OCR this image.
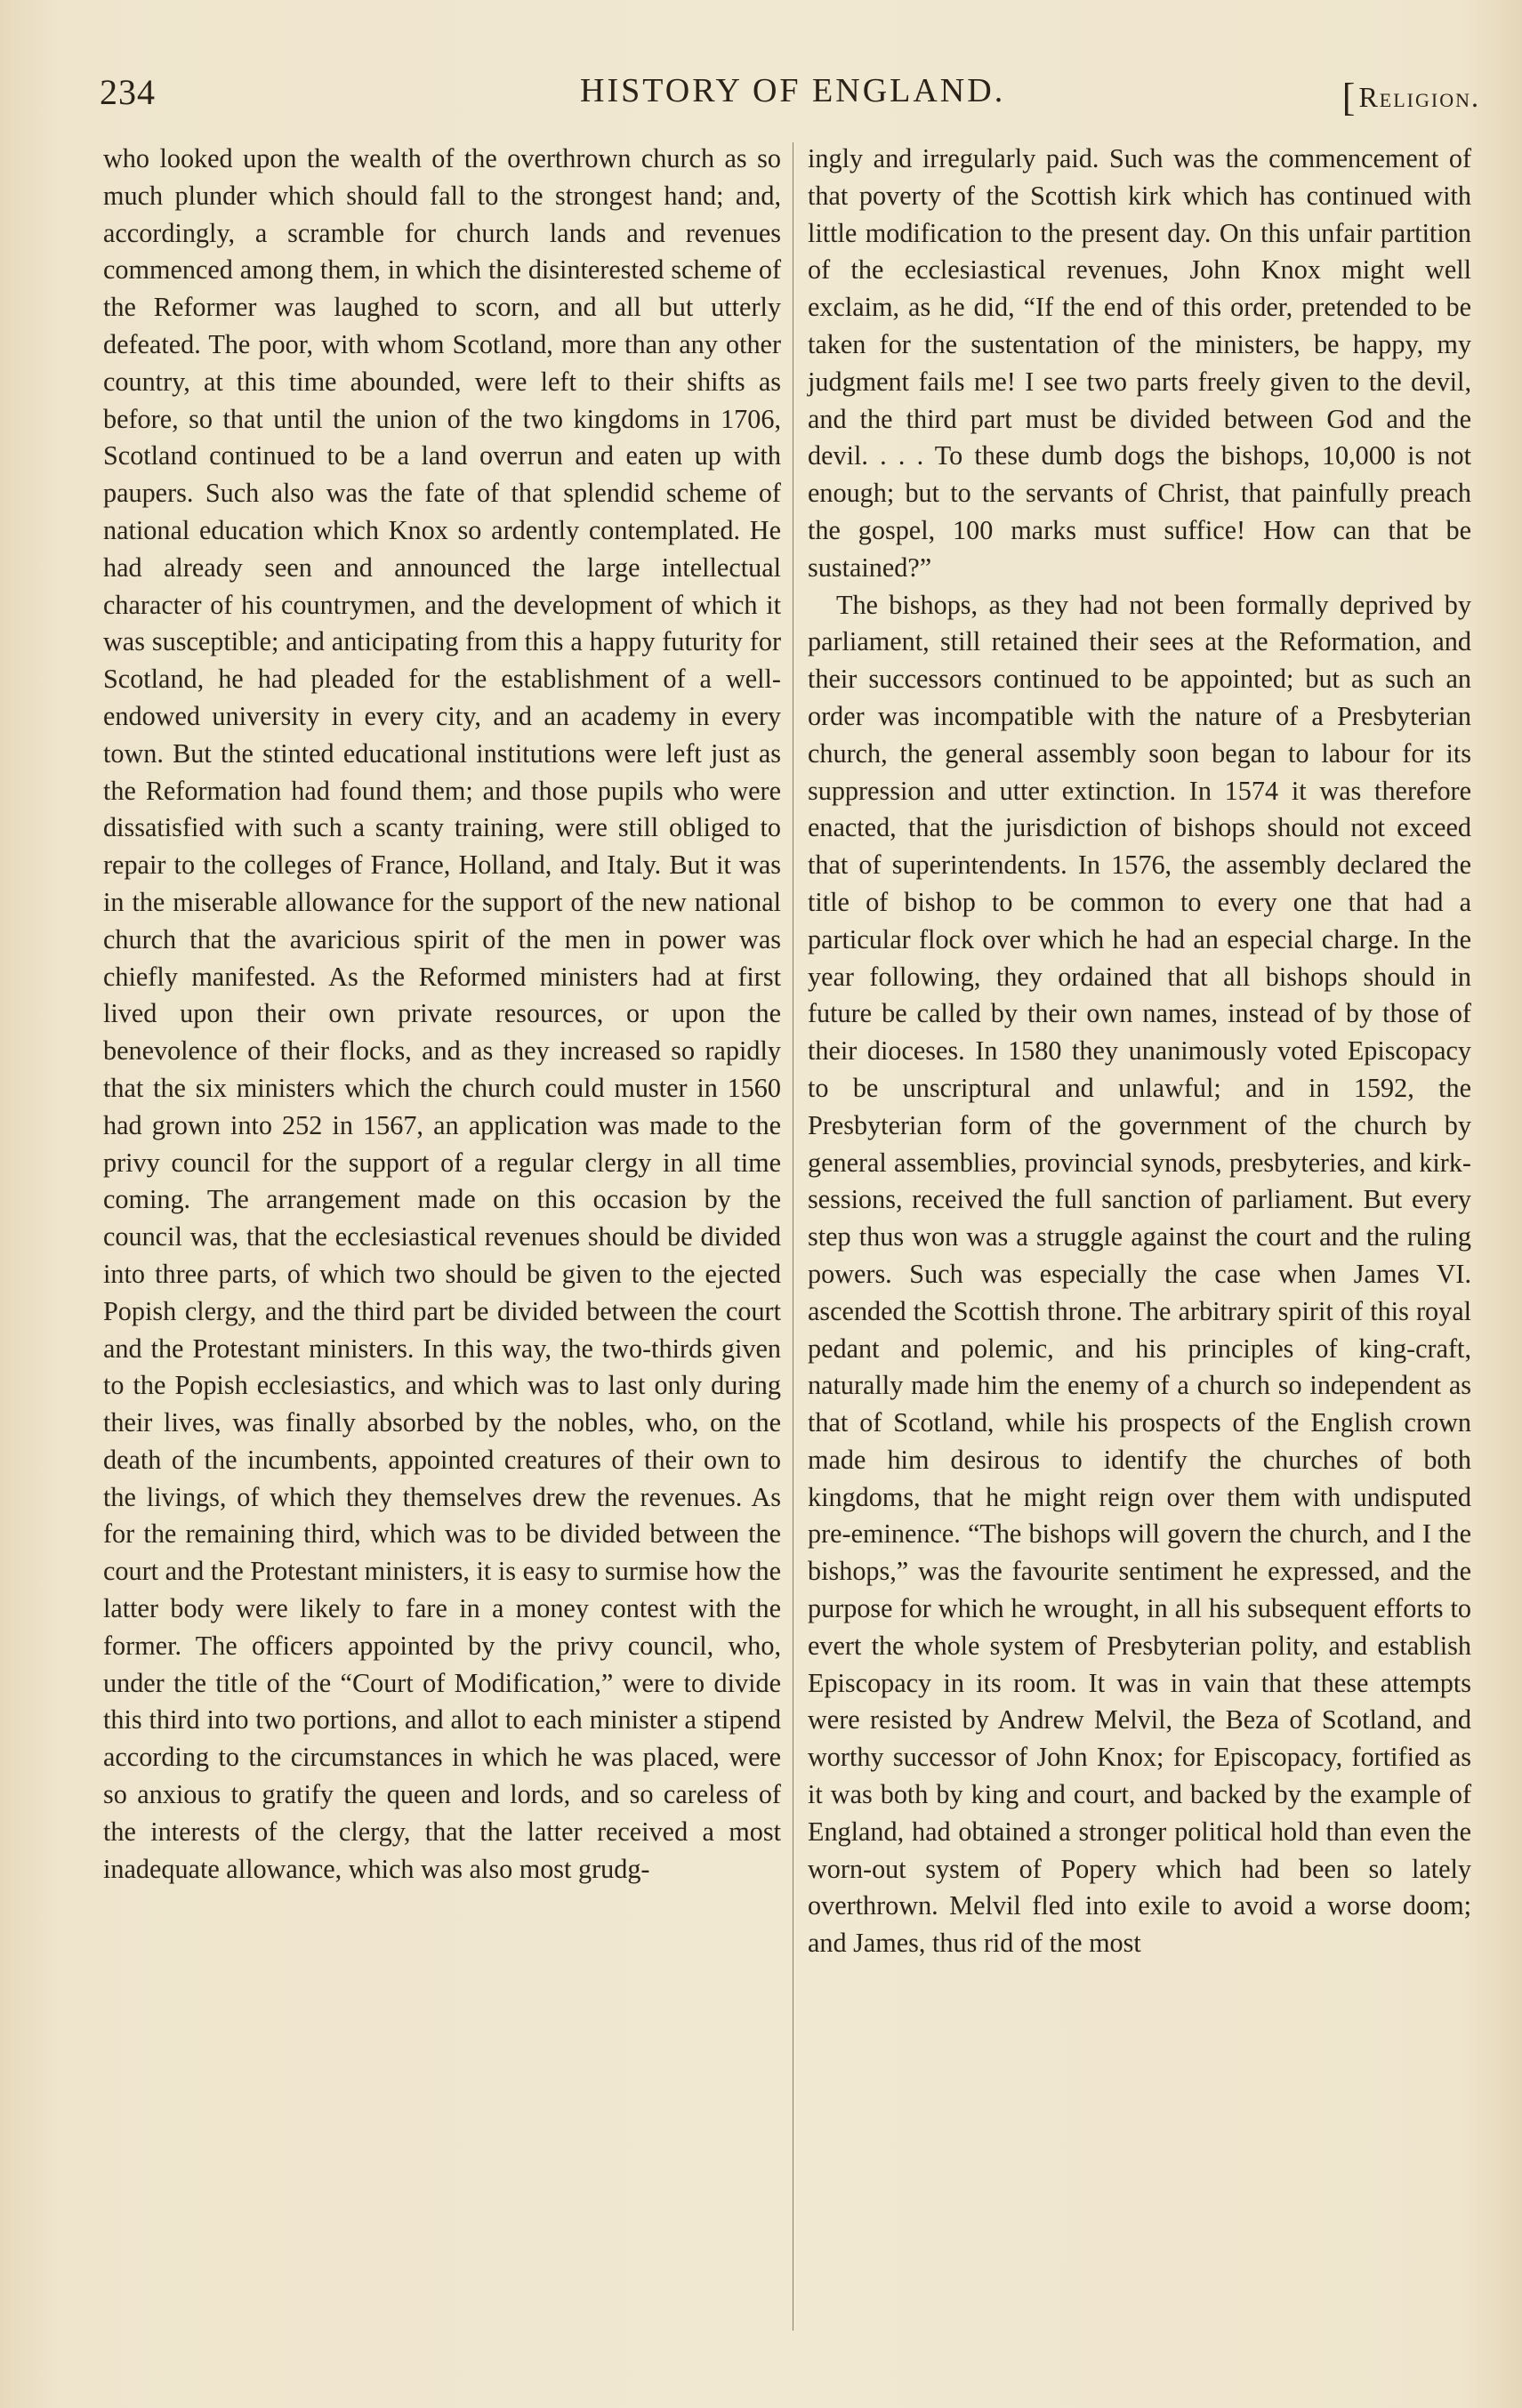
234	HISTORY OF ENGLAND.
[	Religion.

who looked upon the wealth of the overthrown church as so much plunder which should fall to the strongest hand; and, accordingly, a scramble for church lands and revenues commenced among them, in which the disinterested scheme of the Reformer was laughed to scorn, and all but utterly defeated. The poor, with whom Scotland, more than any other country, at this time abounded, were left to their shifts as before, so that until the union of the two kingdoms in 1706, Scotland continued to be a land overrun and eaten up with paupers. Such also was the fate of that splendid scheme of national education which Knox so ardently contemplated. He had already seen and announced the large intellectual character of his countrymen, and the development of which it was susceptible; and anticipating from this a happy futurity for Scotland, he had pleaded for the establishment of a well-endowed university in every city, and an academy in every town. But the stinted educational institutions were left just as the Reformation had found them; and those pupils who were dissatisfied with such a scanty training, were still obliged to repair to the colleges of France, Holland, and Italy. But it was in the miserable allowance for the support of the new national church that the avaricious spirit of the men in power was chiefly manifested. As the Reformed ministers had at first lived upon their own private resources, or upon the benevolence of their flocks, and as they increased so rapidly that the six ministers which the church could muster in 1560 had grown into 252 in 1567, an application was made to the privy council for the support of a regular clergy in all time coming. The arrangement made on this occasion by the council was, that the ecclesiastical revenues should be divided into three parts, of which two should be given to the ejected Popish clergy, and the third part be divided between the court and the Protestant ministers. In this way, the two-thirds given to the Popish ecclesiastics, and which was to last only during their lives, was finally absorbed by the nobles, who, on the death of the incumbents, appointed creatures of their own to the livings, of which they themselves drew the revenues. As for the remaining third, which was to be divided between the court and the Protestant ministers, it is easy to surmise how the latter body were likely to fare in a money contest with the former. The officers appointed by the privy council, who, under the title of the “Court of Modification,” were to divide this third into two portions, and allot to each minister a stipend according to the circumstances in which he was placed, were so anxious to gratify the queen and lords, and so careless of the interests of the clergy, that the latter received a most inadequate allowance, which was also most grudg-

ingly and irregularly paid. Such was the commencement of that poverty of the Scottish kirk which has continued with little modification to the present day. On this unfair partition of the ecclesiastical revenues, John Knox might well exclaim, as he did, “If the end of this order, pretended to be taken for the sustentation of the ministers, be happy, my judgment fails me! I see two parts freely given to the devil, and the third part must be divided between God and the devil. . . . To these dumb dogs the bishops, 10,000 is not enough; but to the servants of Christ, that painfully preach the gospel, 100 marks must suffice! How can that be sustained?”

The bishops, as they had not been formally deprived by parliament, still retained their sees at the Reformation, and their successors continued to be appointed; but as such an order was incompatible with the nature of a Presbyterian church, the general assembly soon began to labour for its suppression and utter extinction. In 1574 it was therefore enacted, that the jurisdiction of bishops should not exceed that of superintendents. In 1576, the assembly declared the title of bishop to be common to every one that had a particular flock over which he had an especial charge. In the year following, they ordained that all bishops should in future be called by their own names, instead of by those of their dioceses. In 1580 they unanimously voted Episcopacy to be unscriptural and unlawful; and in 1592, the Presbyterian form of the government of the church by general assemblies, provincial synods, presbyteries, and kirk-sessions, received the full sanction of parliament. But every step thus won was a struggle against the court and the ruling powers. Such was especially the case when James VI. ascended the Scottish throne. The arbitrary spirit of this royal pedant and polemic, and his principles of king-craft, naturally made him the enemy of a church so independent as that of Scotland, while his prospects of the English crown made him desirous to identify the churches of both kingdoms, that he might reign over them with undisputed pre-eminence. “The bishops will govern the church, and I the bishops,” was the favourite sentiment he expressed, and the purpose for which he wrought, in all his subsequent efforts to evert the whole system of Presbyterian polity, and establish Episcopacy in its room. It was in vain that these attempts were resisted by Andrew Melvil, the Beza of Scotland, and worthy successor of John Knox; for Episcopacy, fortified as it was both by king and court, and backed by the example of England, had obtained a stronger political hold than even the worn-out system of Popery which had been so lately overthrown. Melvil fled into exile to avoid a worse doom; and James, thus rid of the most
